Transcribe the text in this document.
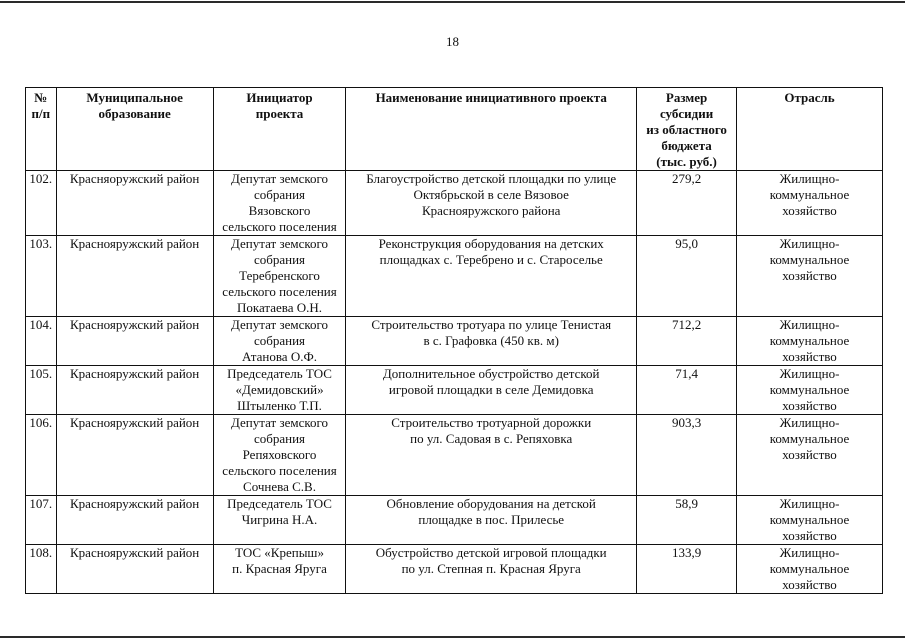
18
№
п/п	Муниципальное
образование	Инициатор
проекта	Наименование инициативного проекта	Размер
субсидии
из областного
бюджета
(тыс. руб.)	Отрасль

102.	Красняоружский район	Депутат земского
собрания
Вязовского
сельского поселения	Благоустройство детской площадки по улице
Октябрьской в селе Вязовое
Краснояружского района	279,2	Жилищно-
коммунальное
хозяйство

103.	Краснояружский район	Депутат земского
собрания
Теребренского
сельского поселения
Покатаева О.Н.	Реконструкция оборудования на детских
площадках с. Теребрено и с. Староселье	95,0	Жилищно-
коммунальное
хозяйство

104.	Краснояружский район	Депутат земского
собрания
Атанова О.Ф.	Строительство тротуара по улице Тенистая
в с. Графовка (450 кв. м)	712,2	Жилищно-
коммунальное
хозяйство

105.	Краснояружский район	Председатель ТОС
«Демидовский»
Штыленко Т.П.	Дополнительное обустройство детской
игровой площадки в селе Демидовка	71,4	Жилищно-
коммунальное
хозяйство

106.	Краснояружский район	Депутат земского
собрания
Репяховского
сельского поселения
Сочнева С.В.	Строительство тротуарной дорожки
по ул. Садовая в с. Репяховка	903,3	Жилищно-
коммунальное
хозяйство

107.	Краснояружский район	Председатель ТОС
Чигрина Н.А.	Обновление оборудования на детской
площадке в пос. Прилесье	58,9	Жилищно-
коммунальное
хозяйство

108.	Краснояружский район	ТОС «Крепыш»
п. Красная Яруга	Обустройство детской игровой площадки
по ул. Степная п. Красная Яруга	133,9	Жилищно-
коммунальное
хозяйство
